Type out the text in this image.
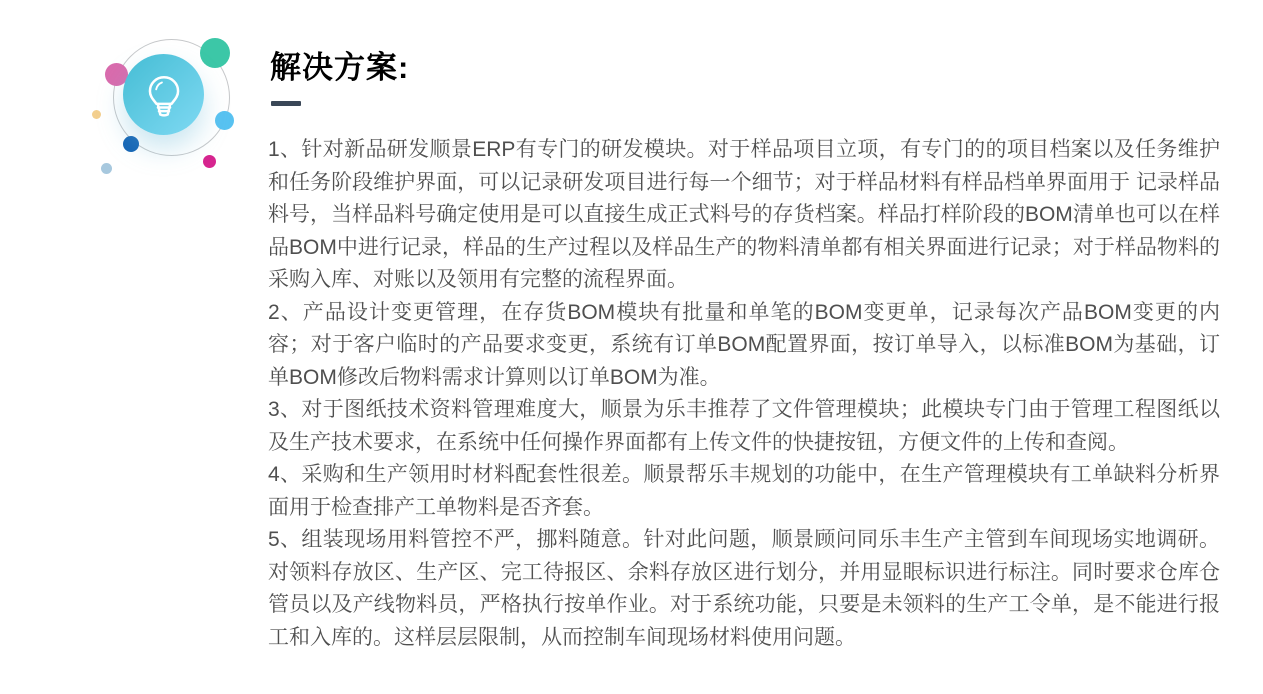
解决方案:

1、针对新品研发顺景ERP有专门的研发模块。对于样品项目立项，有专门的的项目档案以及任务维护和任务阶段维护界面，可以记录研发项目进行每一个细节；对于样品材料有样品档单界面用于 记录样品料号，当样品料号确定使用是可以直接生成正式料号的存货档案。样品打样阶段的BOM清单也可以在样品BOM中进行记录，样品的生产过程以及样品生产的物料清单都有相关界面进行记录；对于样品物料的采购入库、对账以及领用有完整的流程界面。

2、产品设计变更管理，在存货BOM模块有批量和单笔的BOM变更单，记录每次产品BOM变更的内容；对于客户临时的产品要求变更，系统有订单BOM配置界面，按订单导入，以标准BOM为基础，订单BOM修改后物料需求计算则以订单BOM为准。

3、对于图纸技术资料管理难度大，顺景为乐丰推荐了文件管理模块；此模块专门由于管理工程图纸以及生产技术要求，在系统中任何操作界面都有上传文件的快捷按钮，方便文件的上传和查阅。

4、采购和生产领用时材料配套性很差。顺景帮乐丰规划的功能中，在生产管理模块有工单缺料分析界面用于检查排产工单物料是否齐套。

5、组装现场用料管控不严，挪料随意。针对此问题，顺景顾问同乐丰生产主管到车间现场实地调研。对领料存放区、生产区、完工待报区、余料存放区进行划分，并用显眼标识进行标注。同时要求仓库仓管员以及产线物料员，严格执行按单作业。对于系统功能，只要是未领料的生产工令单，是不能进行报工和入库的。这样层层限制，从而控制车间现场材料使用问题。
